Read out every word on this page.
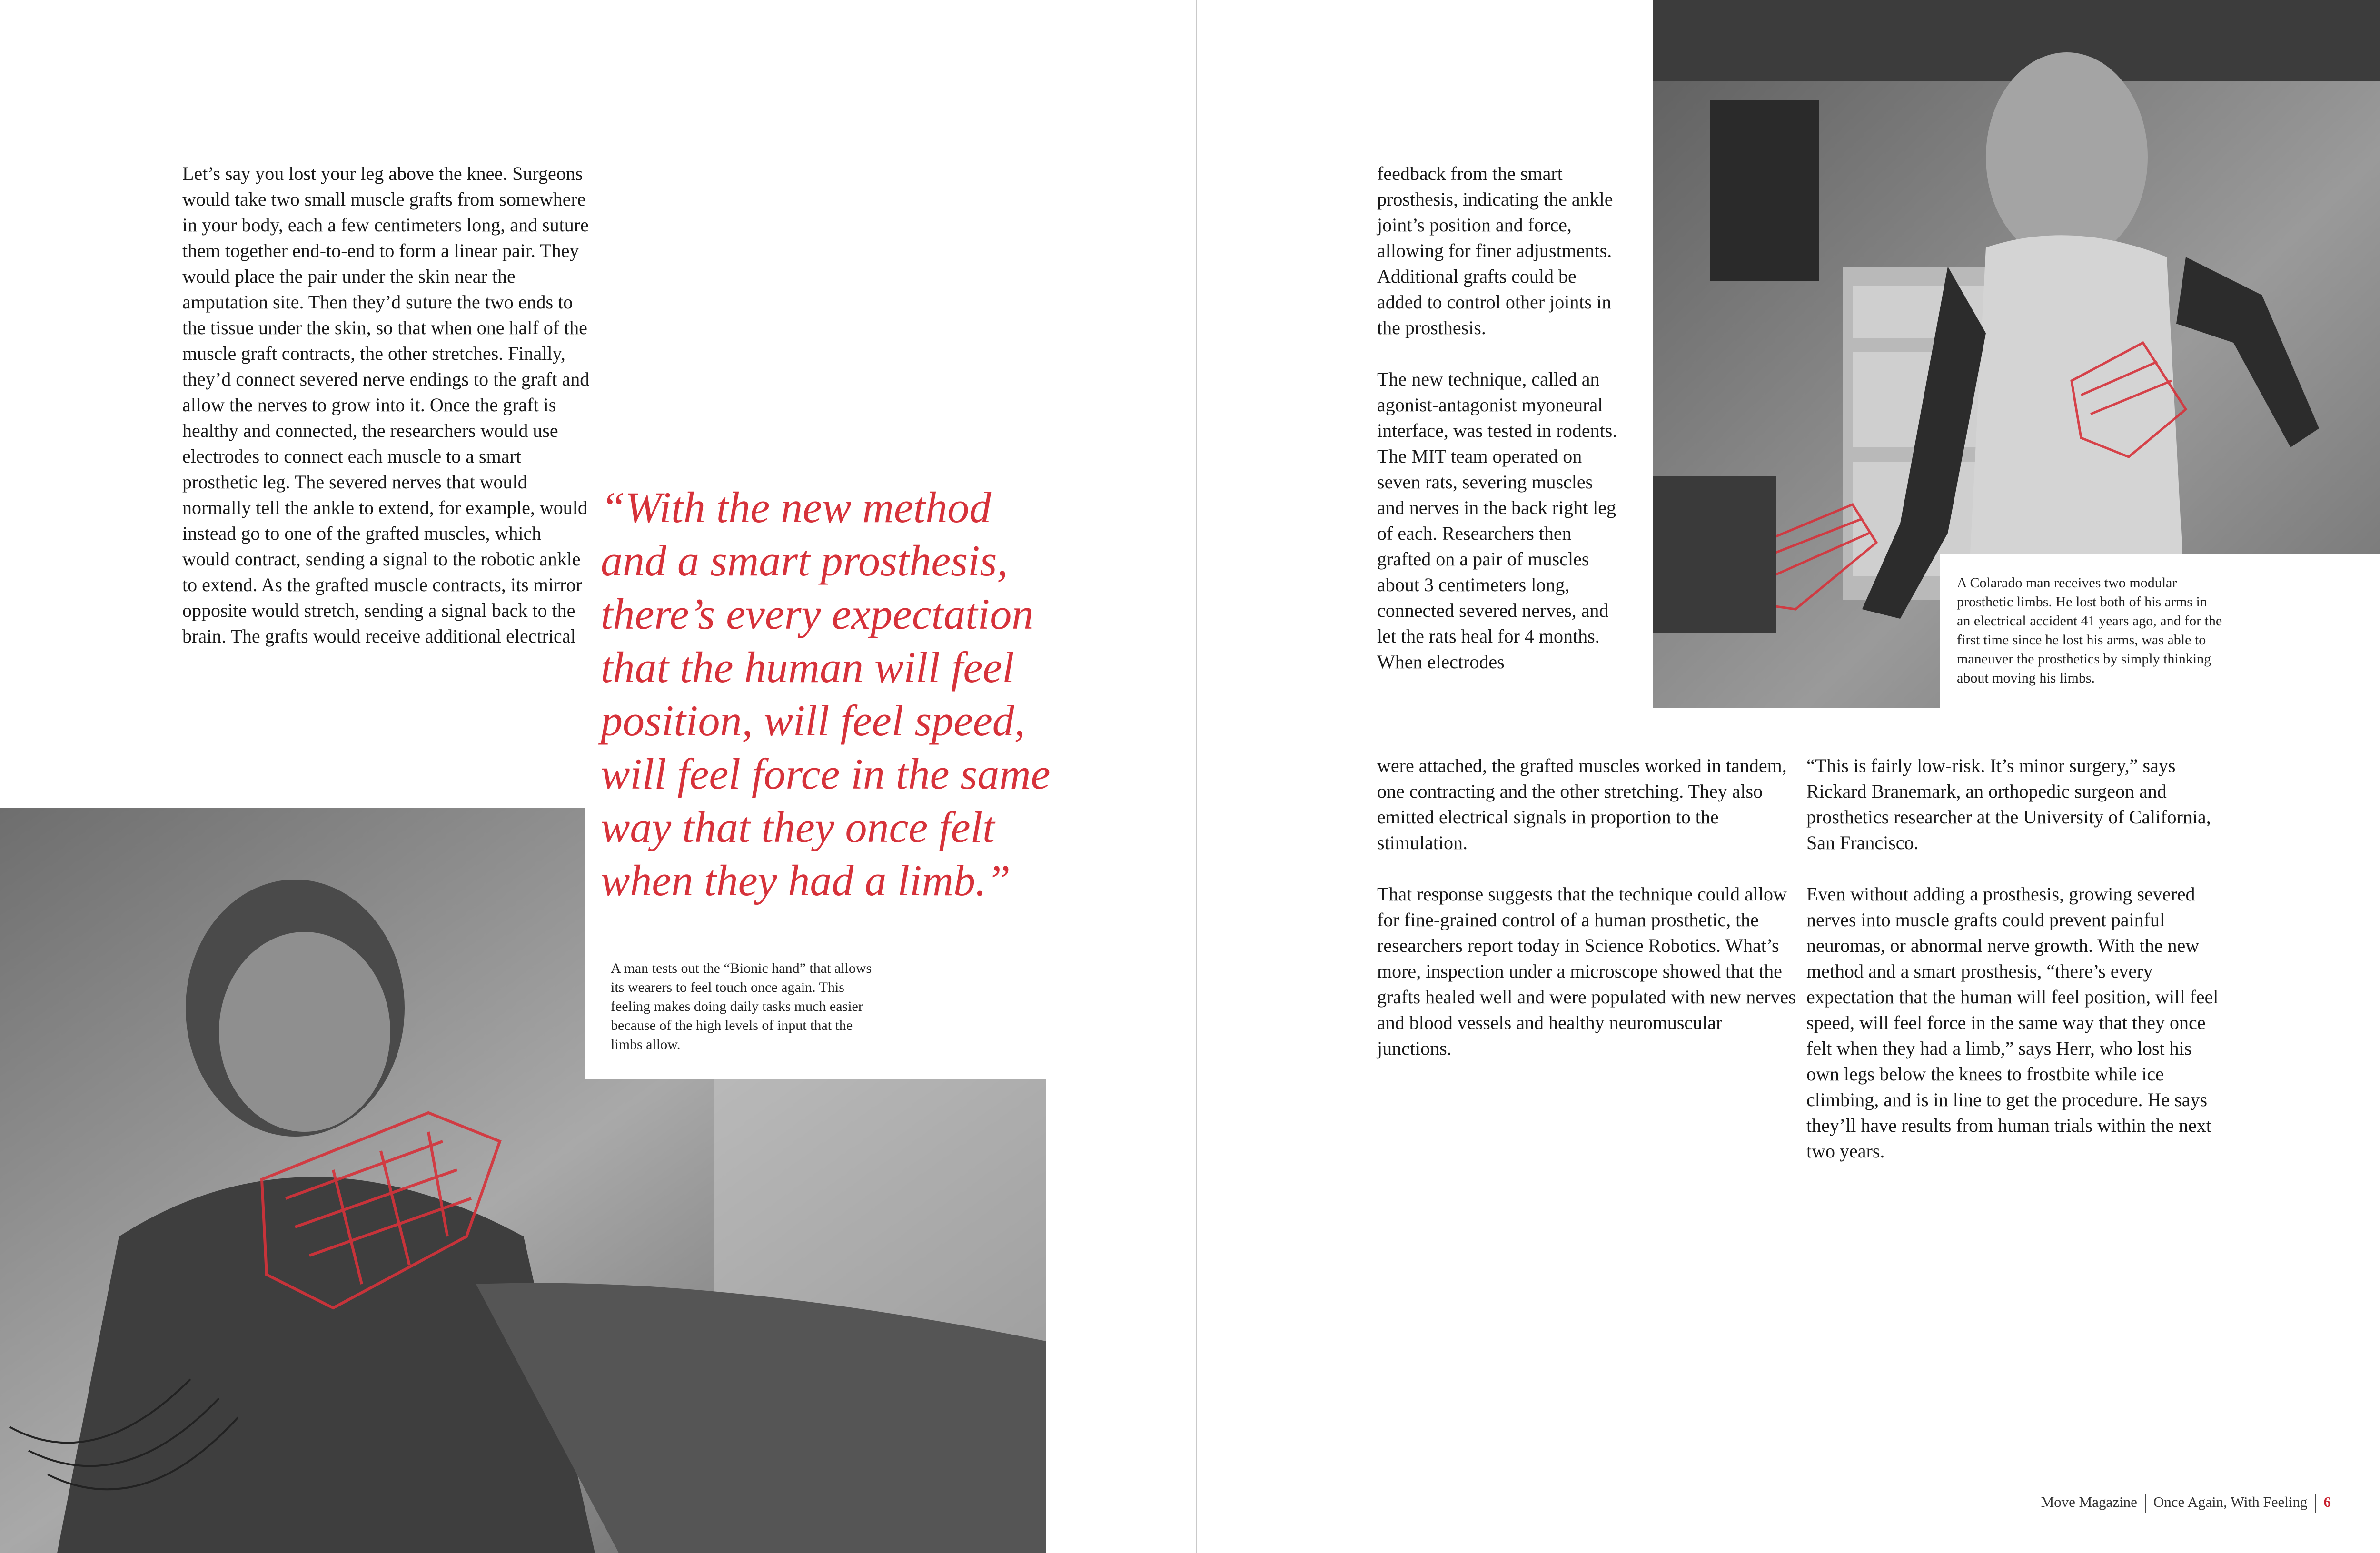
Let’s say you lost your leg above the knee. Surgeons would take two small muscle grafts from somewhere in your body, each a few centimeters long, and suture them together end-to-end to form a linear pair. They would place the pair under the skin near the amputation site. Then they’d suture the two ends to the tissue under the skin, so that when one half of the muscle graft contracts, the other stretches. Finally, they’d connect severed nerve endings to the graft and allow the nerves to grow into it. Once the graft is healthy and connected, the researchers would use electrodes to connect each muscle to a smart prosthetic leg. The severed nerves that would normally tell the ankle to extend, for example, would instead go to one of the grafted muscles, which would contract, sending a signal to the robotic ankle to extend. As the grafted muscle contracts, its mirror opposite would stretch, sending a signal back to the brain. The grafts would receive additional electrical

“With the new method and a smart prosthesis, there’s every expectation that the human will feel position, will feel speed, will feel force in the same way that they once felt when they had a limb.”

A man tests out the “Bionic hand” that allows its wearers to feel touch once again. This feeling makes doing daily tasks much easier because of the high levels of input that the limbs allow.

A Colarado man receives two modular prosthetic limbs. He lost both of his arms in an electrical accident 41 years ago, and for the first time since he lost his arms, was able to maneuver the prosthetics by simply thinking about moving his limbs.

feedback from the smart prosthesis, indicating the ankle joint’s position and force, allowing for finer adjustments. Additional grafts could be added to control other joints in the prosthesis.

The new technique, called an agonist-antagonist myoneural interface, was tested in rodents. The MIT team operated on seven rats, severing muscles and nerves in the back right leg of each. Researchers then grafted on a pair of muscles about 3 centimeters long, connected severed nerves, and let the rats heal for 4 months. When electrodes

were attached, the grafted muscles worked in tandem, one contracting and the other stretching. They also emitted electrical signals in proportion to the stimulation.

That response suggests that the technique could allow for fine-grained control of a human prosthetic, the researchers report today in Science Robotics. What’s more, inspection under a microscope showed that the grafts healed well and were populated with new nerves and blood vessels and healthy neuromuscular junctions.

“This is fairly low-risk. It’s minor surgery,” says Rickard Branemark, an orthopedic surgeon and prosthetics researcher at the University of California, San Francisco.

Even without adding a prosthesis, growing severed nerves into muscle grafts could prevent painful neuromas, or abnormal nerve growth. With the new method and a smart prosthesis, “there’s every expectation that the human will feel position, will feel speed, will feel force in the same way that they once felt when they had a limb,” says Herr, who lost his own legs below the knees to frostbite while ice climbing, and is in line to get the procedure. He says they’ll have results from human trials within the next two years.

Move Magazine Once Again, With Feeling 6
